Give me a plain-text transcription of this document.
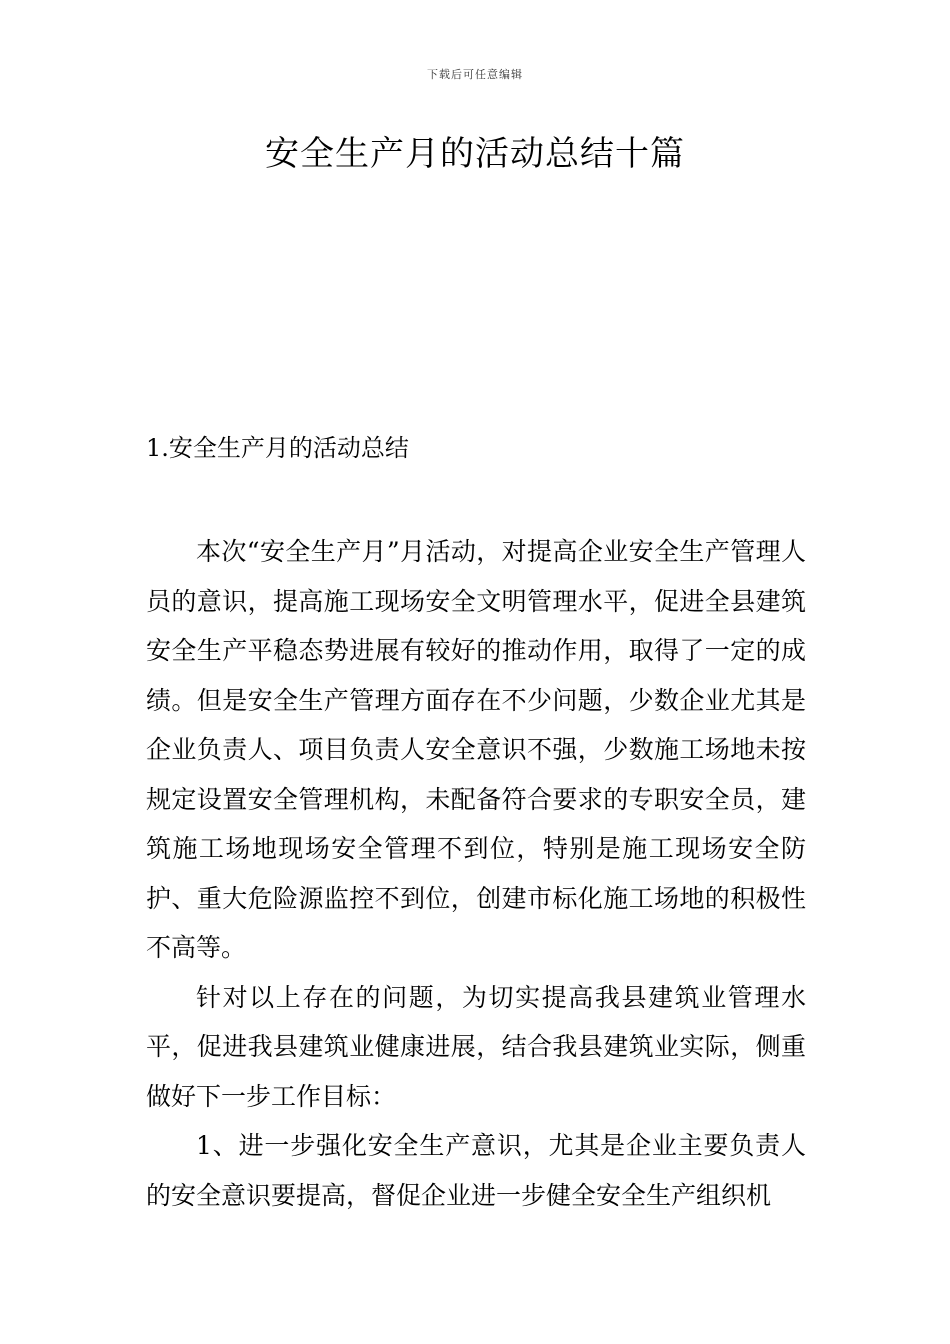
下载后可任意编辑
安全生产月的活动总结十篇
1.安全生产月的活动总结

本次“安全生产月”月活动，对提高企业安全生产管理人员的意识，提高施工现场安全文明管理水平，促进全县建筑安全生产平稳态势进展有较好的推动作用，取得了一定的成绩。但是安全生产管理方面存在不少问题，少数企业尤其是企业负责人、项目负责人安全意识不强，少数施工场地未按规定设置安全管理机构，未配备符合要求的专职安全员，建筑施工场地现场安全管理不到位，特别是施工现场安全防护、重大危险源监控不到位，创建市标化施工场地的积极性不高等。

针对以上存在的问题，为切实提高我县建筑业管理水平，促进我县建筑业健康进展，结合我县建筑业实际，侧重做好下一步工作目标：

1、进一步强化安全生产意识，尤其是企业主要负责人的安全意识要提高，督促企业进一步健全安全生产组织机
